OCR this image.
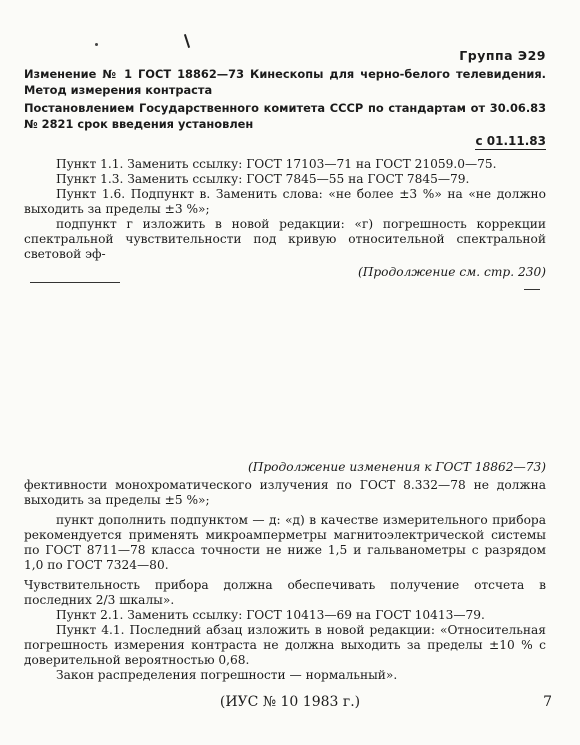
Группа Э29
Изменение № 1 ГОСТ 18862—73 Кинескопы для черно-белого телевидения. Метод измерения контраста
Постановлением Государственного комитета СССР по стандартам от 30.06.83 № 2821 срок введения установлен
с 01.11.83

Пункт 1.1. Заменить ссылку: ГОСТ 17103—71 на ГОСТ 21059.0—75.

Пункт 1.3. Заменить ссылку: ГОСТ 7845—55 на ГОСТ 7845—79.

Пункт 1.6. Подпункт в. Заменить слова: «не более ±3 %» на «не должно выходить за пределы ±3 %»;

подпункт г изложить в новой редакции: «г) погрешность коррекции спектральной чувствительности под кривую относительной спектральной световой эф-

(Продолжение см. стр. 230)

(Продолжение изменения к ГОСТ 18862—73)

фективности монохроматического излучения по ГОСТ 8.332—78 не должна выходить за пределы ±5 %»;

пункт дополнить подпунктом — д: «д) в качестве измерительного прибора рекомендуется применять микроамперметры магнитоэлектрической системы по ГОСТ 8711—78 класса точности не ниже 1,5 и гальванометры с разрядом 1,0 по ГОСТ 7324—80.

Чувствительность прибора должна обеспечивать получение отсчета в последних 2/3 шкалы».

Пункт 2.1. Заменить ссылку: ГОСТ 10413—69 на ГОСТ 10413—79.

Пункт 4.1. Последний абзац изложить в новой редакции: «Относительная погрешность измерения контраста не должна выходить за пределы ±10 % с доверительной вероятностью 0,68.

Закон распределения погрешности — нормальный».

(ИУС № 10 1983 г.)	7
